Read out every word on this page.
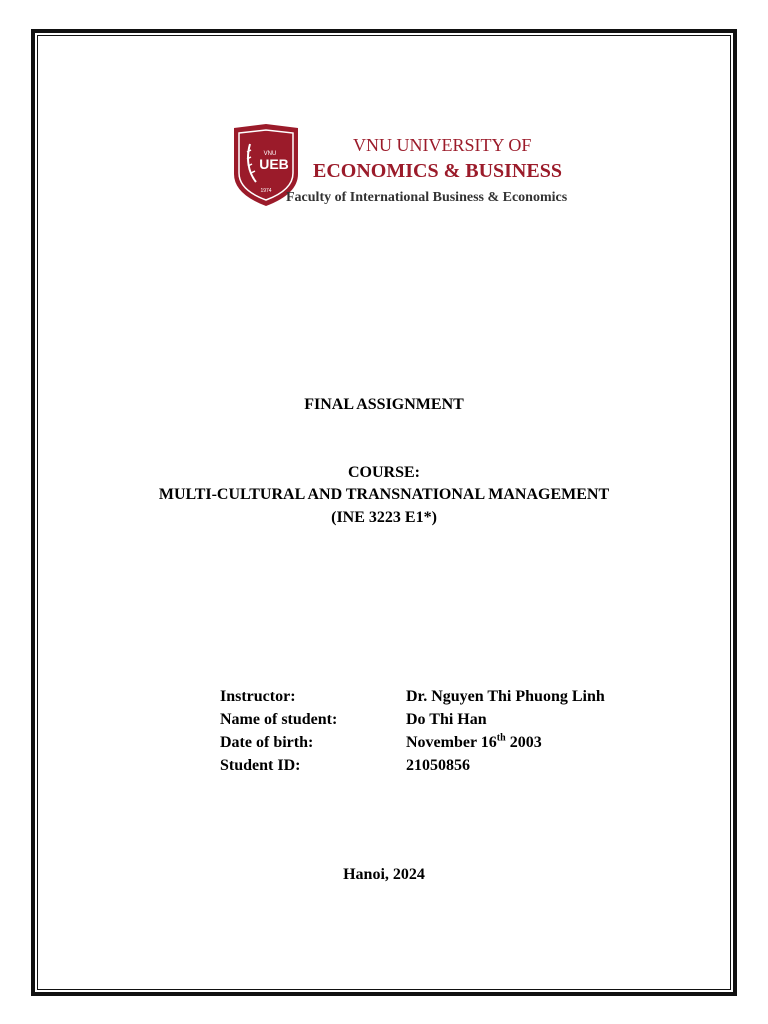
VNU
UEB
1974
VNU UNIVERSITY OF
ECONOMICS & BUSINESS
Faculty of International Business & Economics
FINAL ASSIGNMENT
COURSE:
MULTI-CULTURAL AND TRANSNATIONAL MANAGEMENT
(INE 3223 E1*)
Instructor:	Dr. Nguyen Thi Phuong Linh
Name of student:	Do Thi Han
Date of birth:	November 16th 2003
Student ID:	21050856
Hanoi, 2024
